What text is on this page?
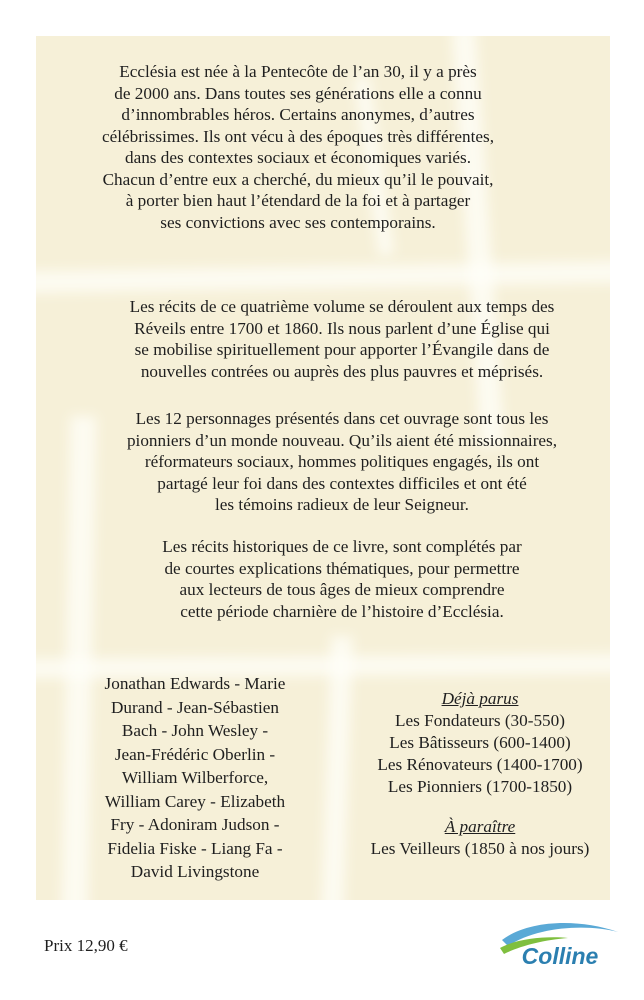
Ecclésia est née à la Pentecôte de l’an 30, il y a près
de 2000 ans. Dans toutes ses générations elle a connu
d’innombrables héros. Certains anonymes, d’autres
célébrissimes. Ils ont vécu à des époques très différentes,
dans des contextes sociaux et économiques variés.
Chacun d’entre eux a cherché, du mieux qu’il le pouvait,
à porter bien haut l’étendard de la foi et à partager
ses convictions avec ses contemporains.
Les récits de ce quatrième volume se déroulent aux temps des
Réveils entre 1700 et 1860. Ils nous parlent d’une Église qui
se mobilise spirituellement pour apporter l’Évangile dans de
nouvelles contrées ou auprès des plus pauvres et méprisés.
Les 12 personnages présentés dans cet ouvrage sont tous les
pionniers d’un monde nouveau. Qu’ils aient été missionnaires,
réformateurs sociaux, hommes politiques engagés, ils ont
partagé leur foi dans des contextes difficiles et ont été
les témoins radieux de leur Seigneur.
Les récits historiques de ce livre, sont complétés par
de courtes explications thématiques, pour permettre
aux lecteurs de tous âges de mieux comprendre
cette période charnière de l’histoire d’Ecclésia.
Jonathan Edwards - Marie
Durand - Jean-Sébastien
Bach - John Wesley -
Jean-Frédéric Oberlin -
William Wilberforce,
William Carey - Elizabeth
Fry - Adoniram Judson -
Fidelia Fiske - Liang Fa -
David Livingstone
Déjà parus
Les Fondateurs (30-550)
Les Bâtisseurs (600-1400)
Les Rénovateurs (1400-1700)
Les Pionniers (1700-1850)
À paraître
Les Veilleurs (1850 à nos jours)
Prix 12,90 €	Colline
